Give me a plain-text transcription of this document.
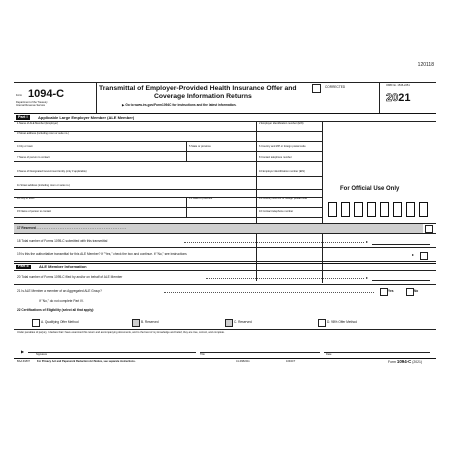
120118
Form 1094-C
Department of the Treasury
Internal Revenue Service
Transmittal of Employer-Provided Health Insurance Offer and
Coverage Information Returns
▶ Go to www.irs.gov/Form1094C for instructions and the latest information.
CORRECTED	OMB No. 1545-2251
2021
Part I	Applicable Large Employer Member (ALE Member)
1 Name of ALE Member (Employer)	2 Employer identification number (EIN)
3 Street address (including room or suite no.)
4 City or town	5 State or province	6 Country and ZIP or foreign postal code
7 Name of person to contact	8 Contact telephone number
9 Name of Designated Government Entity (only if applicable)	10 Employer identification number (EIN)
11 Street address (including room or suite no.)
12 City or town	13 State or province	14 Country and ZIP or foreign postal code
15 Name of person to contact	16 Contact telephone number
For Official Use Only
17 Reserved . . . . . . . . . . . . . . . . . . . . . . . . . . . . . . . . . . . . . . . . . . . . . . . . . . .
18 Total number of Forms 1095-C submitted with this transmittal	▸
19 Is this the authoritative transmittal for this ALE Member? If "Yes," check the box and continue. If "No," see instructions	▸
Part II	ALE Member Information
20 Total number of Forms 1095-C filed by and/or on behalf of ALE Member	▸
21 Is ALE Member a member of an Aggregated ALE Group?	Yes	No
If "No," do not complete Part IV.
22 Certifications of Eligibility (select all that apply):
A. Qualifying Offer Method	B. Reserved	C. Reserved	D. 98% Offer Method
Under penalties of perjury, I declare that I have examined this return and accompanying documents, and to the best of my knowledge and belief, they are true, correct, and complete.
Signature	Title	Date
▶
BAA #1807	For Privacy Act and Paperwork Reduction Act Notice, see separate instructions.	41-0682411	1094CT	Form 1094-C (2021)
